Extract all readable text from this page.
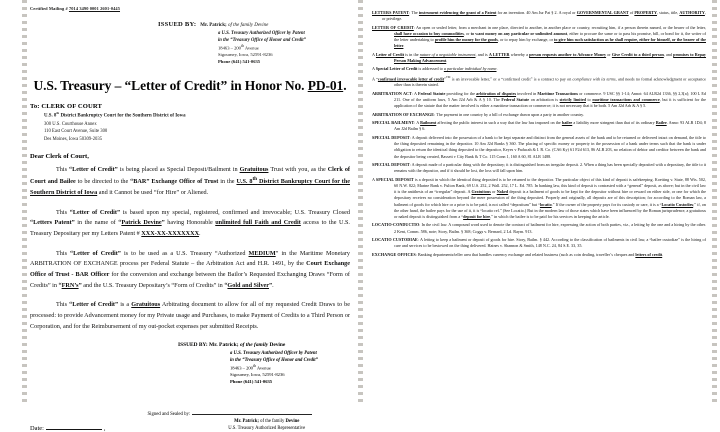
Certified Mailing # 7014 3490 0001 2601-0445
ISSUED BY: Mr. Patrick; of the family Devine
a U.S. Treasury Authorized Officer by Patent
in the “Treasury Office of Honor and Credit”
18463 – 200th Avenue
Sigourney, Iowa, 52591-8236
Phone (641) 541-0635
U.S. Treasury – “Letter of Credit” in Honor No. PD-01.
To: CLERK OF COURT
U.S. 8th District Bankruptcy Court for the Southern District of Iowa
300 U.S. Courthouse Annex
110 East Court Avenue, Suite 300
Des Moines, Iowa 50309-2035
Dear Clerk of Court,

This “Letter of Credit” is being placed as Special Deposit/Bailment in Gratuitous Trust with you, as the Clerk of Court and Bailee to be directed to the “BAR” Exchange Office of Trust in the U.S. 8th District Bankruptcy Court for the Southern District of Iowa and it Cannot be used “for Hire” or Aliened.

This “Letter of Credit” is based upon my special, registered, confirmed and irrevocable; U.S. Treasury Closed “Letters Patent” in the name of “Patrick Devine” having Honorable unlimited full Faith and Credit access to the U.S. Treasury Depositary per my Letters Patent # XXX-XX-XXXXXXX.

This “Letter of Credit” is to be used as a U.S. Treasury “Authorized MEDIUM” in the Maritime Monetary ARBITRATION OF EXCHANGE process per Federal Statute – the Arbitration Act and H.R. 1491, by the Court Exchange Office of Trust - BAR Officer for the conversion and exchange between the Bailor’s Requested Exchanging Draws “Form of Credits” in “FRN’s” and the U.S. Treasury Depositary’s “Form of Credits” in “Gold and Silver”.

This “Letter of Credit” is a Gratuitous Arbitrating document to allow for all of my requested Credit Draws to be processed: to provide Advancement money for my Private usage and Purchases, to make Payment of Credits to a Third Person or Corporation, and for the Reimbursement of my out-pocket expenses per submitted Receipts.

ISSUED BY: Mr. Patrick; of the family Devine
a U.S. Treasury Authorized Officer by Patent
in the “Treasury Office of Honor and Credit”
18463 – 200th Avenue
Sigourney, Iowa, 52591-8236
Phone (641) 541-0635
Date:	,
Signed and Sealed by:
Mr. Patrick; of the family Devine
U.S. Treasury Authorized Representative
LETTERS PATENT: The instrument evidencing the grant of a Patent for an invention. 40 Am Jur Pat § 2. A royal or GOVERNMENTAL GRANT of PROPERTY, status, title, AUTHORITY, or privilege.
LETTER OF CREDIT: An open or sealed letter, from a merchant in one place, directed to another, in another place or country, recruiting him, if a person therein named, or the bearer of the letter, shall have occasion to buy commodities, or to want money on any particular or unlimited amount, either to procure the same or to pass his promise, bill, or bond for it, the writer of the letter undertaking to profile him the money for the goods, or to repay him by exchange, or to give him such satisfaction as he shall require, either for himself, or the bearer of the letter.
A Letter of Credit is in the nature of a negotiable instrument, and is A LETTER whereby a person requests another to Advance Money or Give Credit to a third person, and promises to Repay Person Making Advancement.
A Special Letter of Credit is addressed to a particular individual by name.
A “confirmed irrevocable letter of credit”™ is an irrevocable letter,” or a “confirmed credit” is a contract to pay on compliance with its terms, and needs no formal acknowledgment or acceptance other than is therein stated.
ARBITRATION ACT: A Federal Statute providing for the arbitration of disputes involved in Maritime Transactions or commerce. 9 USC §§ 1-14; Annot: 64 ALR2d 1336, §§ 2,3[a]; 100 L Ed 211. One of the uniform laws, 5 Am J2d Arb & A § 10. The Federal Statute on arbitration is strictly limited to maritime transactions and commerce, but it is sufficient for the application of the statute that the matter involved is either a maritime transaction or commerce; it is not necessary that it be both. 5 Am J2d Arb & A § 5.
ARBITRATION OF EXCHANGE: The payment in one country by a bill of exchange drawn upon a party in another country.
SPECIAL BAILMENT: A Bailment affecting the public interest in such a way that the law has imposed on the bailee a liability more stringent than that of its ordinary Bailee. Anno: 93 ALR 1D4; 8 Am J2d Bailm § 6.
SPECIAL DEPOSIT: A deposit delivered into the possession of a bank to be kept separate and distinct from the general assets of the bank and to be returned or delivered intact on demand, the title to the thing deposited remaining in the depositor. 10 Am J2d Banks § 360. The placing of specific money or property in the possession of a bank under terms such that the bank is under obligation to return the identical thing deposited to the depositor, Keyes v Paducah & I. R. Co. (CA6 Ky) 61 F2d 613, 86 ALR 203, no relation of debtor and creditor between the bank and the depositor being created, Bassett v City Bank & T Co. 115 Conn 1, 160 A 60, 81 ALR 1488.
SPECIAL DEPOSIT: A deposit made of a particular thing with the depositary; it is distinguished from an irregular deposit. 2. When a thing has been specially deposited with a depositary, the title to it remains with the depositor, and if it should be lost, the loss will fall upon him.
A SPECIAL DEPOSIT is a deposit in which the identical thing deposited is to be returned to the depositor. The particular object of this kind of deposit is safekeeping. Koetting v. State, 88 Wis. 502, 60 N.W. 822; Marine Bank v. Fulton Bank, 69 U.S. 252, 2 Wall. 252, 17 L. Ed. 785. In banking law, this kind of deposit is contrasted with a “general” deposit, as above; but in the civil law it is the antithesis of an “irregular” deposit. A Gratuitous or Naked deposit is a bailment of goods to be kept for the depositor without hire or reward on either side, or one for which the depositary receives no consideration beyond the mere possession of the thing deposited. Properly and originally, all deposits are of this description; for according to the Roman law, a bailment of goods for which hire or a price is to be paid, is not called “depositum” but “locatio.” If the owner of the property pays for its custody or care, it is a “Locatio Custodies;” if, on the other hand, the bailee pays for the use of it, it is “locatio rel.” (See Locatio.) But in the modern law of those states which have been influenced by the Roman jurisprudence, a gratuitous or naked deposit is distinguished from a “deposit for hire,” in which the bailee is to be paid for his services in keeping the article.
LOCATIO-CONDUCTIO: In the civil law. A compound word used to denote the contract of bailment for hire, expressing the action of both parties, viz., a letting by the one and a hiring by the other. 2 Kent, Comm. 586, note; Story, Bailm. § 368; Coggs v. Bernard, 2 Ld. Raym. 913.
LOCATIO CUSTODIAE: A letting to keep a bailment or deposit of goods for hire. Story, Bailm. § 442. According to the classification of bailments in civil law, a “bailee custodiae” is the hiring of care and services to be bestowed on the thing delivered. Haines v. Shannon & Smith, 148 N.C. 24, 84 S.E. 33, 35.
EXCHANGE OFFICES: Banking departments/teller area that handles currency exchange and related business (such as coin dealing, traveller’s cheques and letters of credit.
